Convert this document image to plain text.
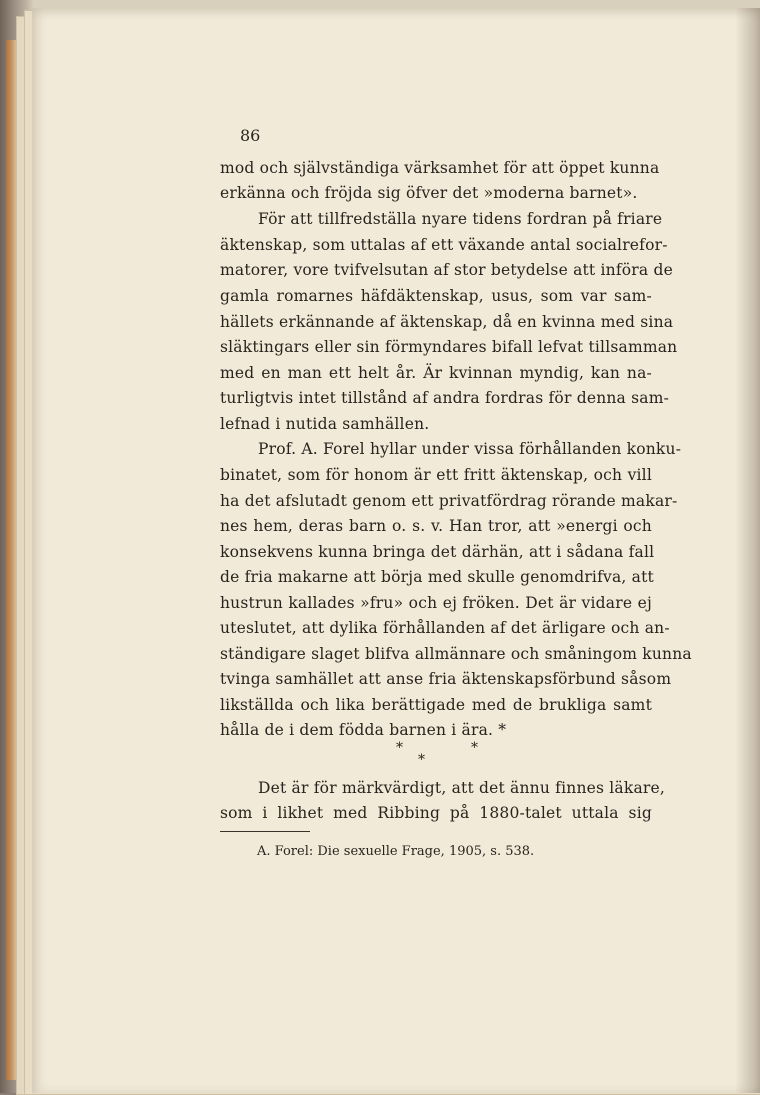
86

mod och självständiga värksamhet för att öppet kunna

erkänna och fröjda sig öfver det »moderna barnet».

För att tillfredställa nyare tidens fordran på friare

äktenskap, som uttalas af ett växande antal socialrefor-

matorer, vore tvifvelsutan af stor betydelse att införa de

gamla romarnes häfdäktenskap, usus, som var sam-

hällets erkännande af äktenskap, då en kvinna med sina

släktingars eller sin förmyndares bifall lefvat tillsamman

med en man ett helt år. Är kvinnan myndig, kan na-

turligtvis intet tillstånd af andra fordras för denna sam-

lefnad i nutida samhällen.

Prof. A. Forel hyllar under vissa förhållanden konku-

binatet, som för honom är ett fritt äktenskap, och vill

ha det afslutadt genom ett privatfördrag rörande makar-

nes hem, deras barn o. s. v. Han tror, att »energi och

konsekvens kunna bringa det därhän, att i sådana fall

de fria makarne att börja med skulle genomdrifva, att

hustrun kallades »fru» och ej fröken. Det är vidare ej

uteslutet, att dylika förhållanden af det ärligare och an-

ständigare slaget blifva allmännare och småningom kunna

tvinga samhället att anse fria äktenskapsförbund såsom

likställda och lika berättigade med de brukliga samt

hålla de i dem födda barnen i ära. *

*
*
*

Det är för märkvärdigt, att det ännu finnes läkare,

som i likhet med Ribbing på 1880-talet uttala sig

A. Forel: Die sexuelle Frage, 1905, s. 538.
